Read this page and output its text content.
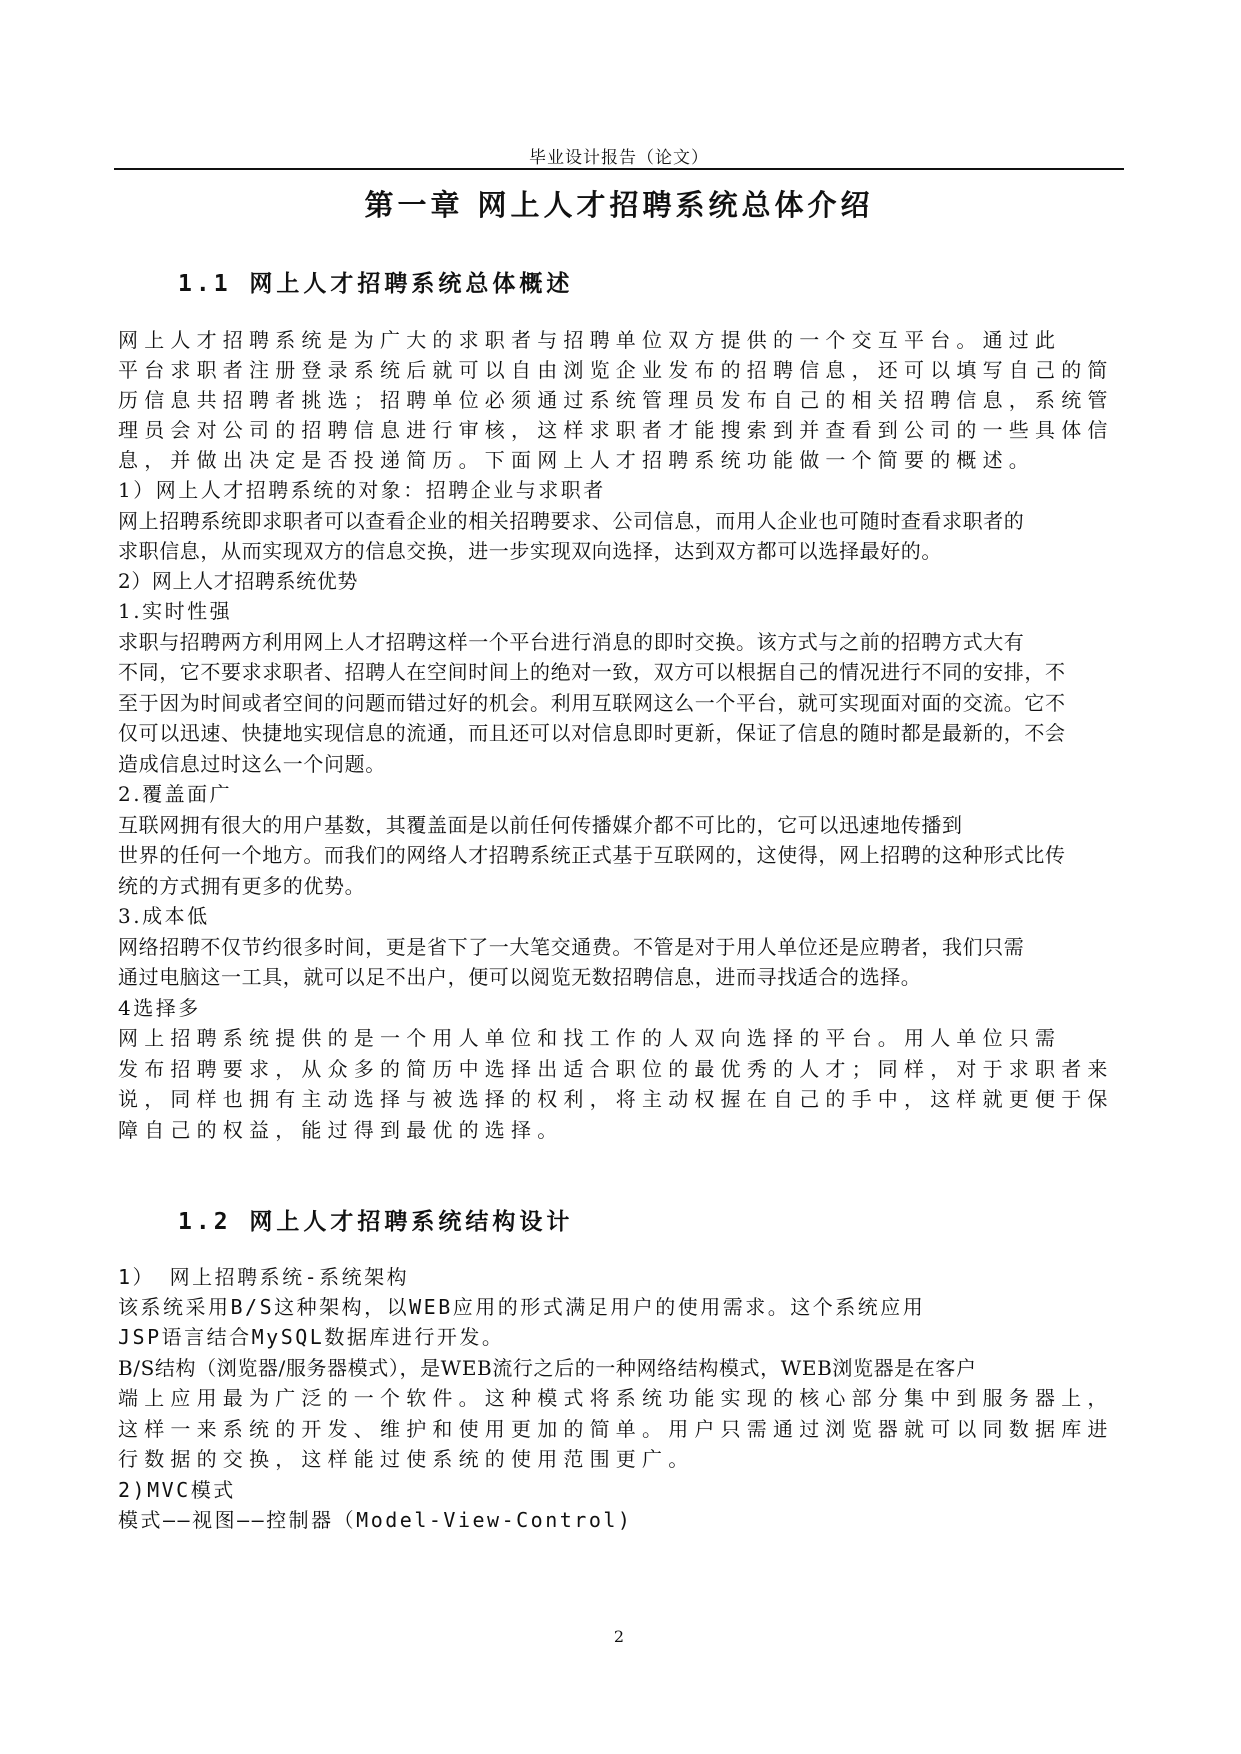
毕业设计报告（论文）
第一章 网上人才招聘系统总体介绍
1.1 网上人才招聘系统总体概述
网上人才招聘系统是为广大的求职者与招聘单位双方提供的一个交互平台。通过此
平台求职者注册登录系统后就可以自由浏览企业发布的招聘信息，还可以填写自己的简
历信息共招聘者挑选；招聘单位必须通过系统管理员发布自己的相关招聘信息，系统管
理员会对公司的招聘信息进行审核，这样求职者才能搜索到并查看到公司的一些具体信
息，并做出决定是否投递简历。下面网上人才招聘系统功能做一个简要的概述。
1）网上人才招聘系统的对象：招聘企业与求职者
网上招聘系统即求职者可以查看企业的相关招聘要求、公司信息，而用人企业也可随时查看求职者的
求职信息，从而实现双方的信息交换，进一步实现双向选择，达到双方都可以选择最好的。
2）网上人才招聘系统优势
1.实时性强
求职与招聘两方利用网上人才招聘这样一个平台进行消息的即时交换。该方式与之前的招聘方式大有
不同，它不要求求职者、招聘人在空间时间上的绝对一致，双方可以根据自己的情况进行不同的安排，不
至于因为时间或者空间的问题而错过好的机会。利用互联网这么一个平台，就可实现面对面的交流。它不
仅可以迅速、快捷地实现信息的流通，而且还可以对信息即时更新，保证了信息的随时都是最新的，不会
造成信息过时这么一个问题。
2.覆盖面广
互联网拥有很大的用户基数，其覆盖面是以前任何传播媒介都不可比的，它可以迅速地传播到
世界的任何一个地方。而我们的网络人才招聘系统正式基于互联网的，这使得，网上招聘的这种形式比传
统的方式拥有更多的优势。
3.成本低
网络招聘不仅节约很多时间，更是省下了一大笔交通费。不管是对于用人单位还是应聘者，我们只需
通过电脑这一工具，就可以足不出户，便可以阅览无数招聘信息，进而寻找适合的选择。
4选择多
网上招聘系统提供的是一个用人单位和找工作的人双向选择的平台。用人单位只需
发布招聘要求，从众多的简历中选择出适合职位的最优秀的人才；同样，对于求职者来
说，同样也拥有主动选择与被选择的权利，将主动权握在自己的手中，这样就更便于保
障自己的权益，能过得到最优的选择。
1.2 网上人才招聘系统结构设计
1） 网上招聘系统-系统架构
该系统采用B/S这种架构，以WEB应用的形式满足用户的使用需求。这个系统应用
JSP语言结合MySQL数据库进行开发。
B/S结构（浏览器/服务器模式），是WEB流行之后的一种网络结构模式，WEB浏览器是在客户
端上应用最为广泛的一个软件。这种模式将系统功能实现的核心部分集中到服务器上，
这样一来系统的开发、维护和使用更加的简单。用户只需通过浏览器就可以同数据库进
行数据的交换，这样能过使系统的使用范围更广。
2)MVC模式
模式——视图——控制器（Model-View-Control)
2
